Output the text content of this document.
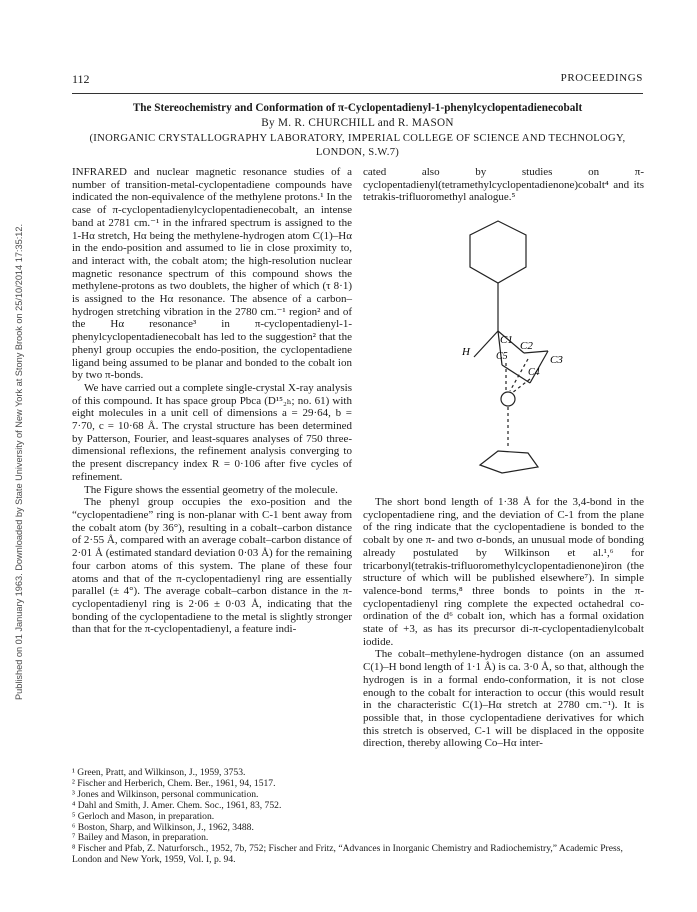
Published on 01 January 1963. Downloaded by State University of New York at Stony Brook on 25/10/2014 17:35:12.
112	PROCEEDINGS
The Stereochemistry and Conformation of π-Cyclopentadienyl-1-phenylcyclopentadienecobalt
By M. R. CHURCHILL and R. MASON
(INORGANIC CRYSTALLOGRAPHY LABORATORY, IMPERIAL COLLEGE OF SCIENCE AND TECHNOLOGY,
LONDON, S.W.7)

INFRARED and nuclear magnetic resonance studies of a number of transition-metal-cyclopentadiene compounds have indicated the non-equivalence of the methylene protons.¹ In the case of π-cyclopentadienylcyclopentadienecobalt, an intense band at 2781 cm.⁻¹ in the infrared spectrum is assigned to the 1-Hα stretch, Hα being the methylene-hydrogen atom C(1)–Hα in the endo-position and assumed to lie in close proximity to, and interact with, the cobalt atom; the high-resolution nuclear magnetic resonance spectrum of this compound shows the methylene-protons as two doublets, the higher of which (τ 8·1) is assigned to the Hα resonance. The absence of a carbon–hydrogen stretching vibration in the 2780 cm.⁻¹ region² and of the Hα resonance³ in π-cyclopentadienyl-1-phenylcyclopentadienecobalt has led to the suggestion² that the phenyl group occupies the endo-position, the cyclopentadiene ligand being assumed to be planar and bonded to the cobalt ion by two π-bonds.

We have carried out a complete single-crystal X-ray analysis of this compound. It has space group Pbca (D¹⁵₂ₕ; no. 61) with eight molecules in a unit cell of dimensions a = 29·64, b = 7·70, c = 10·68 Å. The crystal structure has been determined by Patterson, Fourier, and least-squares analyses of 750 three-dimensional reflexions, the refinement analysis converging to the present discrepancy index R = 0·106 after five cycles of refinement.

The Figure shows the essential geometry of the molecule.

The phenyl group occupies the exo-position and the “cyclopentadiene” ring is non-planar with C-1 bent away from the cobalt atom (by 36°), resulting in a cobalt–carbon distance of 2·55 Å, compared with an average cobalt–carbon distance of 2·01 Å (estimated standard deviation 0·03 Å) for the remaining four carbon atoms of this system. The plane of these four atoms and that of the π-cyclopentadienyl ring are essentially parallel (± 4°). The average cobalt–carbon distance in the π-cyclopentadienyl ring is 2·06 ± 0·03 Å, indicating that the bonding of the cyclopentadiene to the metal is slightly stronger than that for the π-cyclopentadienyl, a feature indi-

cated also by studies on π-cyclopentadienyl(tetramethylcyclopentadienone)cobalt⁴ and its tetrakis-trifluoromethyl analogue.⁵

C1 C2
C3
C4
C5
H

The short bond length of 1·38 Å for the 3,4-bond in the cyclopentadiene ring, and the deviation of C-1 from the plane of the ring indicate that the cyclopentadiene is bonded to the cobalt by one π- and two σ-bonds, an unusual mode of bonding already postulated by Wilkinson et al.¹,⁶ for tricarbonyl(tetrakis-trifluoromethylcyclopentadienone)iron (the structure of which will be published elsewhere⁷). In simple valence-bond terms,⁸ three bonds to points in the π-cyclopentadienyl ring complete the expected octahedral co-ordination of the d⁶ cobalt ion, which has a formal oxidation state of +3, as has its precursor di-π-cyclopentadienylcobalt iodide.

The cobalt–methylene-hydrogen distance (on an assumed C(1)–H bond length of 1·1 Å) is ca. 3·0 Å, so that, although the hydrogen is in a formal endo-conformation, it is not close enough to the cobalt for interaction to occur (this would result in the characteristic C(1)–Hα stretch at 2780 cm.⁻¹). It is possible that, in those cyclopentadiene derivatives for which this stretch is observed, C-1 will be displaced in the opposite direction, thereby allowing Co–Hα inter-

¹ Green, Pratt, and Wilkinson, J., 1959, 3753.
² Fischer and Herberich, Chem. Ber., 1961, 94, 1517.
³ Jones and Wilkinson, personal communication.
⁴ Dahl and Smith, J. Amer. Chem. Soc., 1961, 83, 752.
⁵ Gerloch and Mason, in preparation.
⁶ Boston, Sharp, and Wilkinson, J., 1962, 3488.
⁷ Bailey and Mason, in preparation.
⁸ Fischer and Pfab, Z. Naturforsch., 1952, 7b, 752; Fischer and Fritz, “Advances in Inorganic Chemistry and Radiochemistry,” Academic Press, London and New York, 1959, Vol. I, p. 94.
